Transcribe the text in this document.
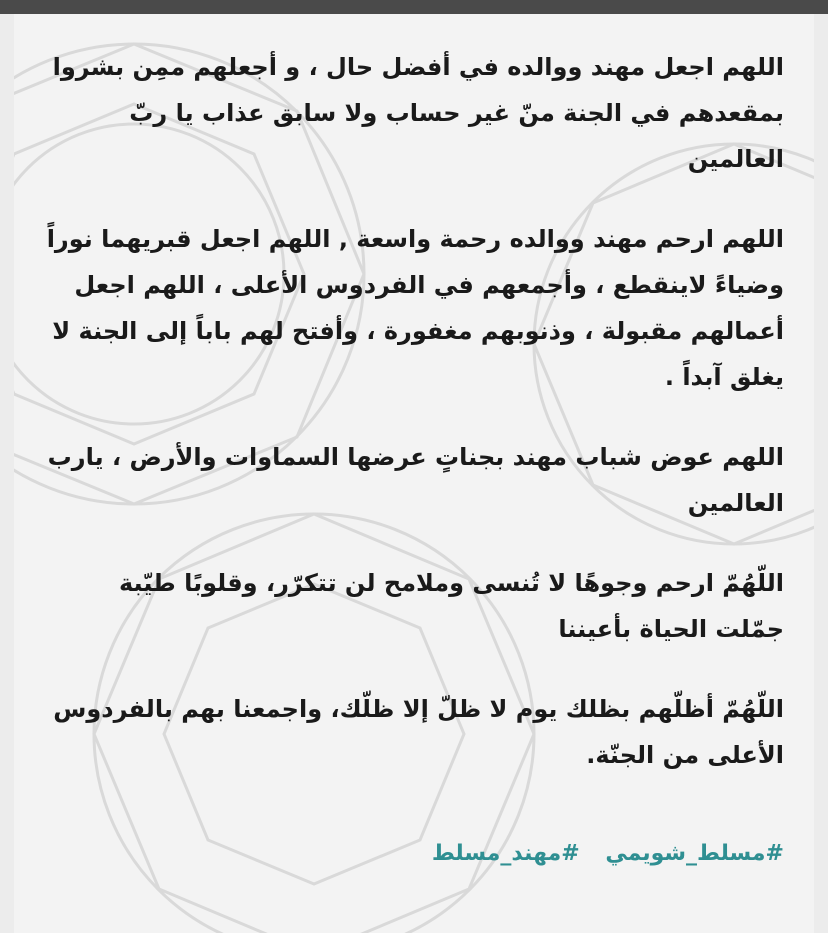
اللهم اجعل مهند ووالده في أفضل حال ، و أجعلهم ممِن بشروا بمقعدهم في الجنة منّ غير حساب ولا سابق عذاب يا ربّ العالمين

اللهم ارحم مهند ووالده رحمة واسعة , اللهم اجعل قبريهما نوراً وضياءً لاينقطع ، وأجمعهم في الفردوس الأعلى ، اللهم اجعل أعمالهم مقبولة ، وذنوبهم مغفورة ، وأفتح لهم باباً إلى الجنة لا يغلق آبداً .

اللهم عوض شباب مهند بجناتٍ عرضها السماوات والأرض ، يارب العالمين

اللّهُمّ ارحم وجوهًا لا تُنسى وملامح لن تتكرّر، وقلوبًا طيّبة جمّلت الحياة بأعيننا

اللّهُمّ أظلّهم بظلك يوم لا ظلّ إلا ظلّك، واجمعنا بهم بالفردوس الأعلى من الجنّة.

#مسلط_شويمي #مهند_مسلط
